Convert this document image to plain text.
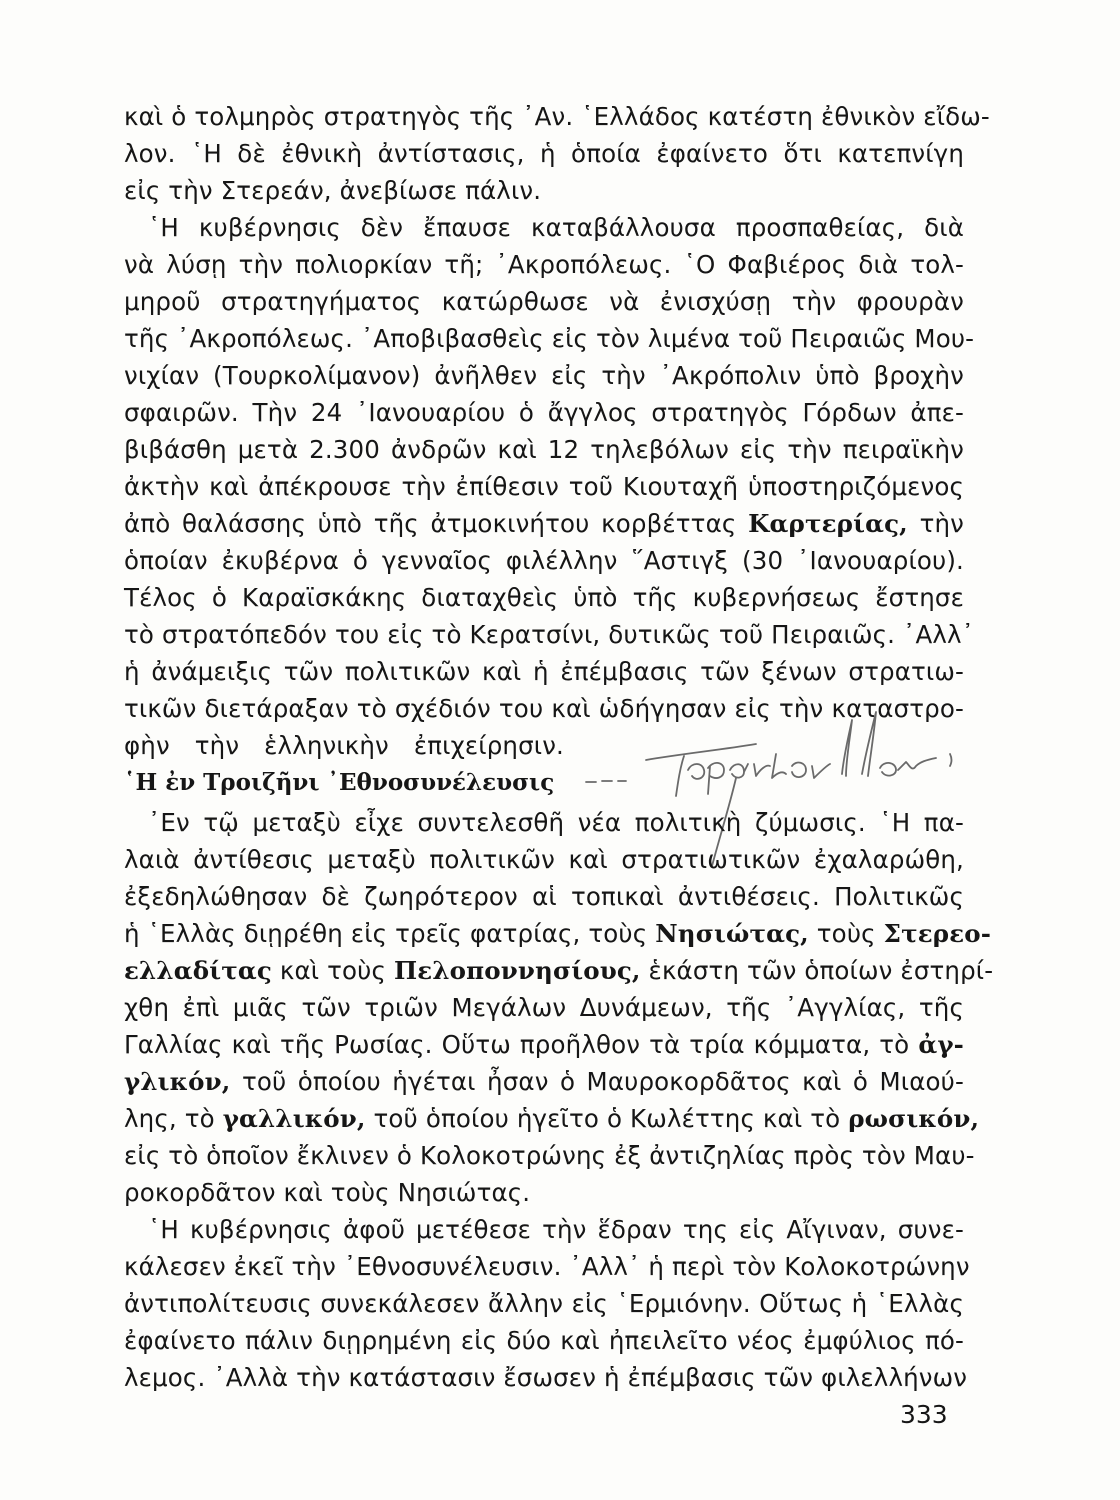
καὶ ὁ τολμηρὸς στρατηγὸς τῆς ᾿Αν. ῾Ελλάδος κατέστη ἐθνικὸν εἴδω-
λον. ῾Η δὲ ἐθνικὴ ἀντίστασις, ἡ ὁποία ἐφαίνετο ὅτι κατεπνίγη
εἰς τὴν Στερεάν, ἀνεβίωσε πάλιν.
῾Η κυβέρνησις δὲν ἔπαυσε καταβάλλουσα προσπαθείας, διὰ
νὰ λύσῃ τὴν πολιορκίαν τῆ; ᾿Ακροπόλεως. ῾Ο Φαβιέρος διὰ τολ-
μηροῦ στρατηγήματος κατώρθωσε νὰ ἐνισχύσῃ τὴν φρουρὰν
τῆς ᾿Ακροπόλεως. ᾿Αποβιβασθεὶς εἰς τὸν λιμένα τοῦ Πειραιῶς Μου-
νιχίαν (Τουρκολίμανον) ἀνῆλθεν εἰς τὴν ᾿Ακρόπολιν ὑπὸ βροχὴν
σφαιρῶν. Τὴν 24 ᾿Ιανουαρίου ὁ ἄγγλος στρατηγὸς Γόρδων ἀπε-
βιβάσθη μετὰ 2.300 ἀνδρῶν καὶ 12 τηλεβόλων εἰς τὴν πειραϊκὴν
ἀκτὴν καὶ ἀπέκρουσε τὴν ἐπίθεσιν τοῦ Κιουταχῆ ὑποστηριζόμενος
ἀπὸ θαλάσσης ὑπὸ τῆς ἀτμοκινήτου κορβέττας Καρτερίας, τὴν
ὁποίαν ἐκυβέρνα ὁ γενναῖος φιλέλλην ῞Αστιγξ (30 ᾿Ιανουαρίου).
Τέλος ὁ Καραϊσκάκης διαταχθεὶς ὑπὸ τῆς κυβερνήσεως ἔστησε
τὸ στρατόπεδόν του εἰς τὸ Κερατσίνι, δυτικῶς τοῦ Πειραιῶς. ᾿Αλλ᾿
ἡ ἀνάμειξις τῶν πολιτικῶν καὶ ἡ ἐπέμβασις τῶν ξένων στρατιω-
τικῶν διετάραξαν τὸ σχέδιόν του καὶ ὡδήγησαν εἰς τὴν καταστρο-
φὴν τὴν ἑλληνικὴν ἐπιχείρησιν.
῾Η ἐν Τροιζῆνι ᾿Εθνοσυνέλευσις
᾿Εν τῷ μεταξὺ εἶχε συντελεσθῆ νέα πολιτικὴ ζύμωσις. ῾Η πα-
λαιὰ ἀντίθεσις μεταξὺ πολιτικῶν καὶ στρατιωτικῶν ἐχαλαρώθη,
ἐξεδηλώθησαν δὲ ζωηρότερον αἱ τοπικαὶ ἀντιθέσεις. Πολιτικῶς
ἡ ῾Ελλὰς διῃρέθη εἰς τρεῖς φατρίας, τοὺς Νησιώτας, τοὺς Στερεο-
ελλαδίτας καὶ τοὺς Πελοποννησίους, ἑκάστη τῶν ὁποίων ἐστηρί-
χθη ἐπὶ μιᾶς τῶν τριῶν Μεγάλων Δυνάμεων, τῆς ᾿Αγγλίας, τῆς
Γαλλίας καὶ τῆς Ρωσίας. Οὕτω προῆλθον τὰ τρία κόμματα, τὸ ἀγ-
γλικόν, τοῦ ὁποίου ἡγέται ἦσαν ὁ Μαυροκορδᾶτος καὶ ὁ Μιαού-
λης, τὸ γαλλικόν, τοῦ ὁποίου ἡγεῖτο ὁ Κωλέττης καὶ τὸ ρωσικόν,
εἰς τὸ ὁποῖον ἔκλινεν ὁ Κολοκοτρώνης ἐξ ἀντιζηλίας πρὸς τὸν Μαυ-
ροκορδᾶτον καὶ τοὺς Νησιώτας.
῾Η κυβέρνησις ἀφοῦ μετέθεσε τὴν ἕδραν της εἰς Αἴγιναν, συνε-
κάλεσεν ἐκεῖ τὴν ᾿Εθνοσυνέλευσιν. ᾿Αλλ᾿ ἡ περὶ τὸν Κολοκοτρώνην
ἀντιπολίτευσις συνεκάλεσεν ἄλλην εἰς ῾Ερμιόνην. Οὕτως ἡ ῾Ελλὰς
ἐφαίνετο πάλιν διῃρημένη εἰς δύο καὶ ἠπειλεῖτο νέος ἐμφύλιος πό-
λεμος. ᾿Αλλὰ τὴν κατάστασιν ἔσωσεν ἡ ἐπέμβασις τῶν φιλελλήνων
333
